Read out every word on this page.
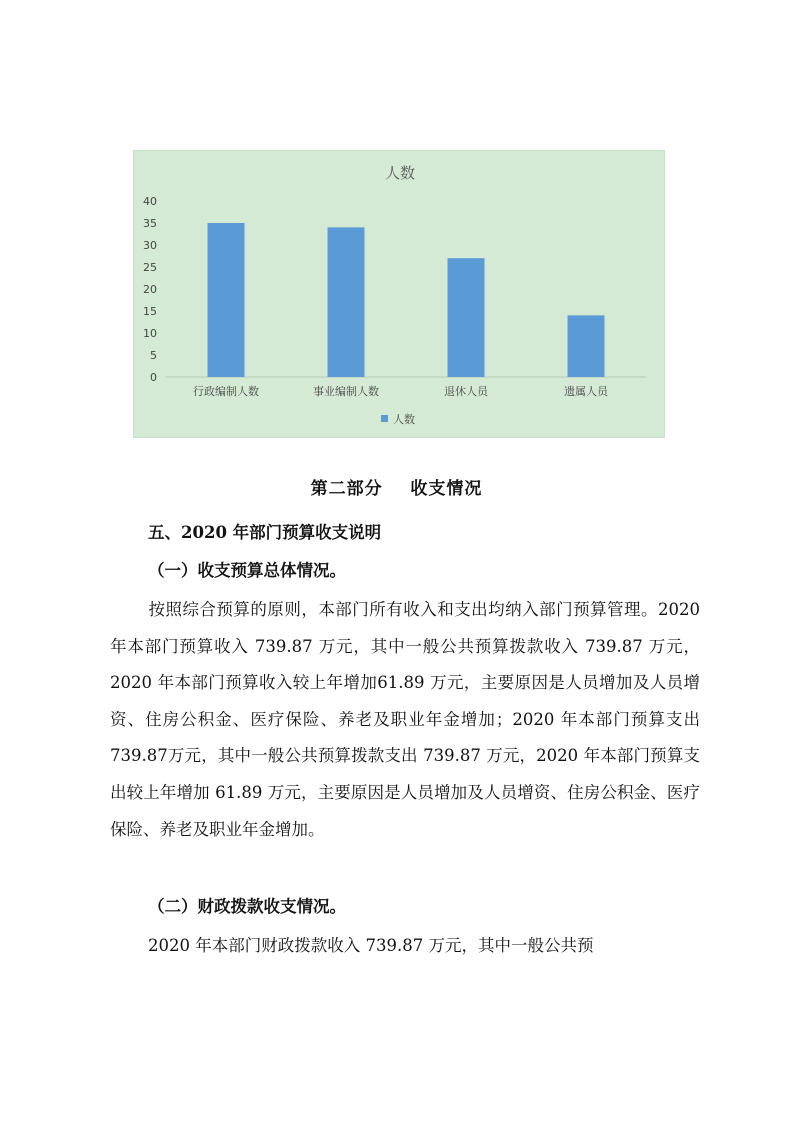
人数
0
5
10
15
20
25
30
35
40
行政编制人数	事业编制人数	退休人员	遗属人员
人数
第二部分    收支情况
五、2020 年部门预算收支说明
（一）收支预算总体情况。

按照综合预算的原则，本部门所有收入和支出均纳入部门预算管理。2020 年本部门预算收入 739.87 万元，其中一般公共预算拨款收入 739.87 万元，2020 年本部门预算收入较上年增加61.89 万元，主要原因是人员增加及人员增资、住房公积金、医疗保险、养老及职业年金增加；2020 年本部门预算支出 739.87万元，其中一般公共预算拨款支出 739.87 万元，2020 年本部门预算支出较上年增加 61.89 万元，主要原因是人员增加及人员增资、住房公积金、医疗保险、养老及职业年金增加。

（二）财政拨款收支情况。

2020 年本部门财政拨款收入 739.87 万元，其中一般公共预
